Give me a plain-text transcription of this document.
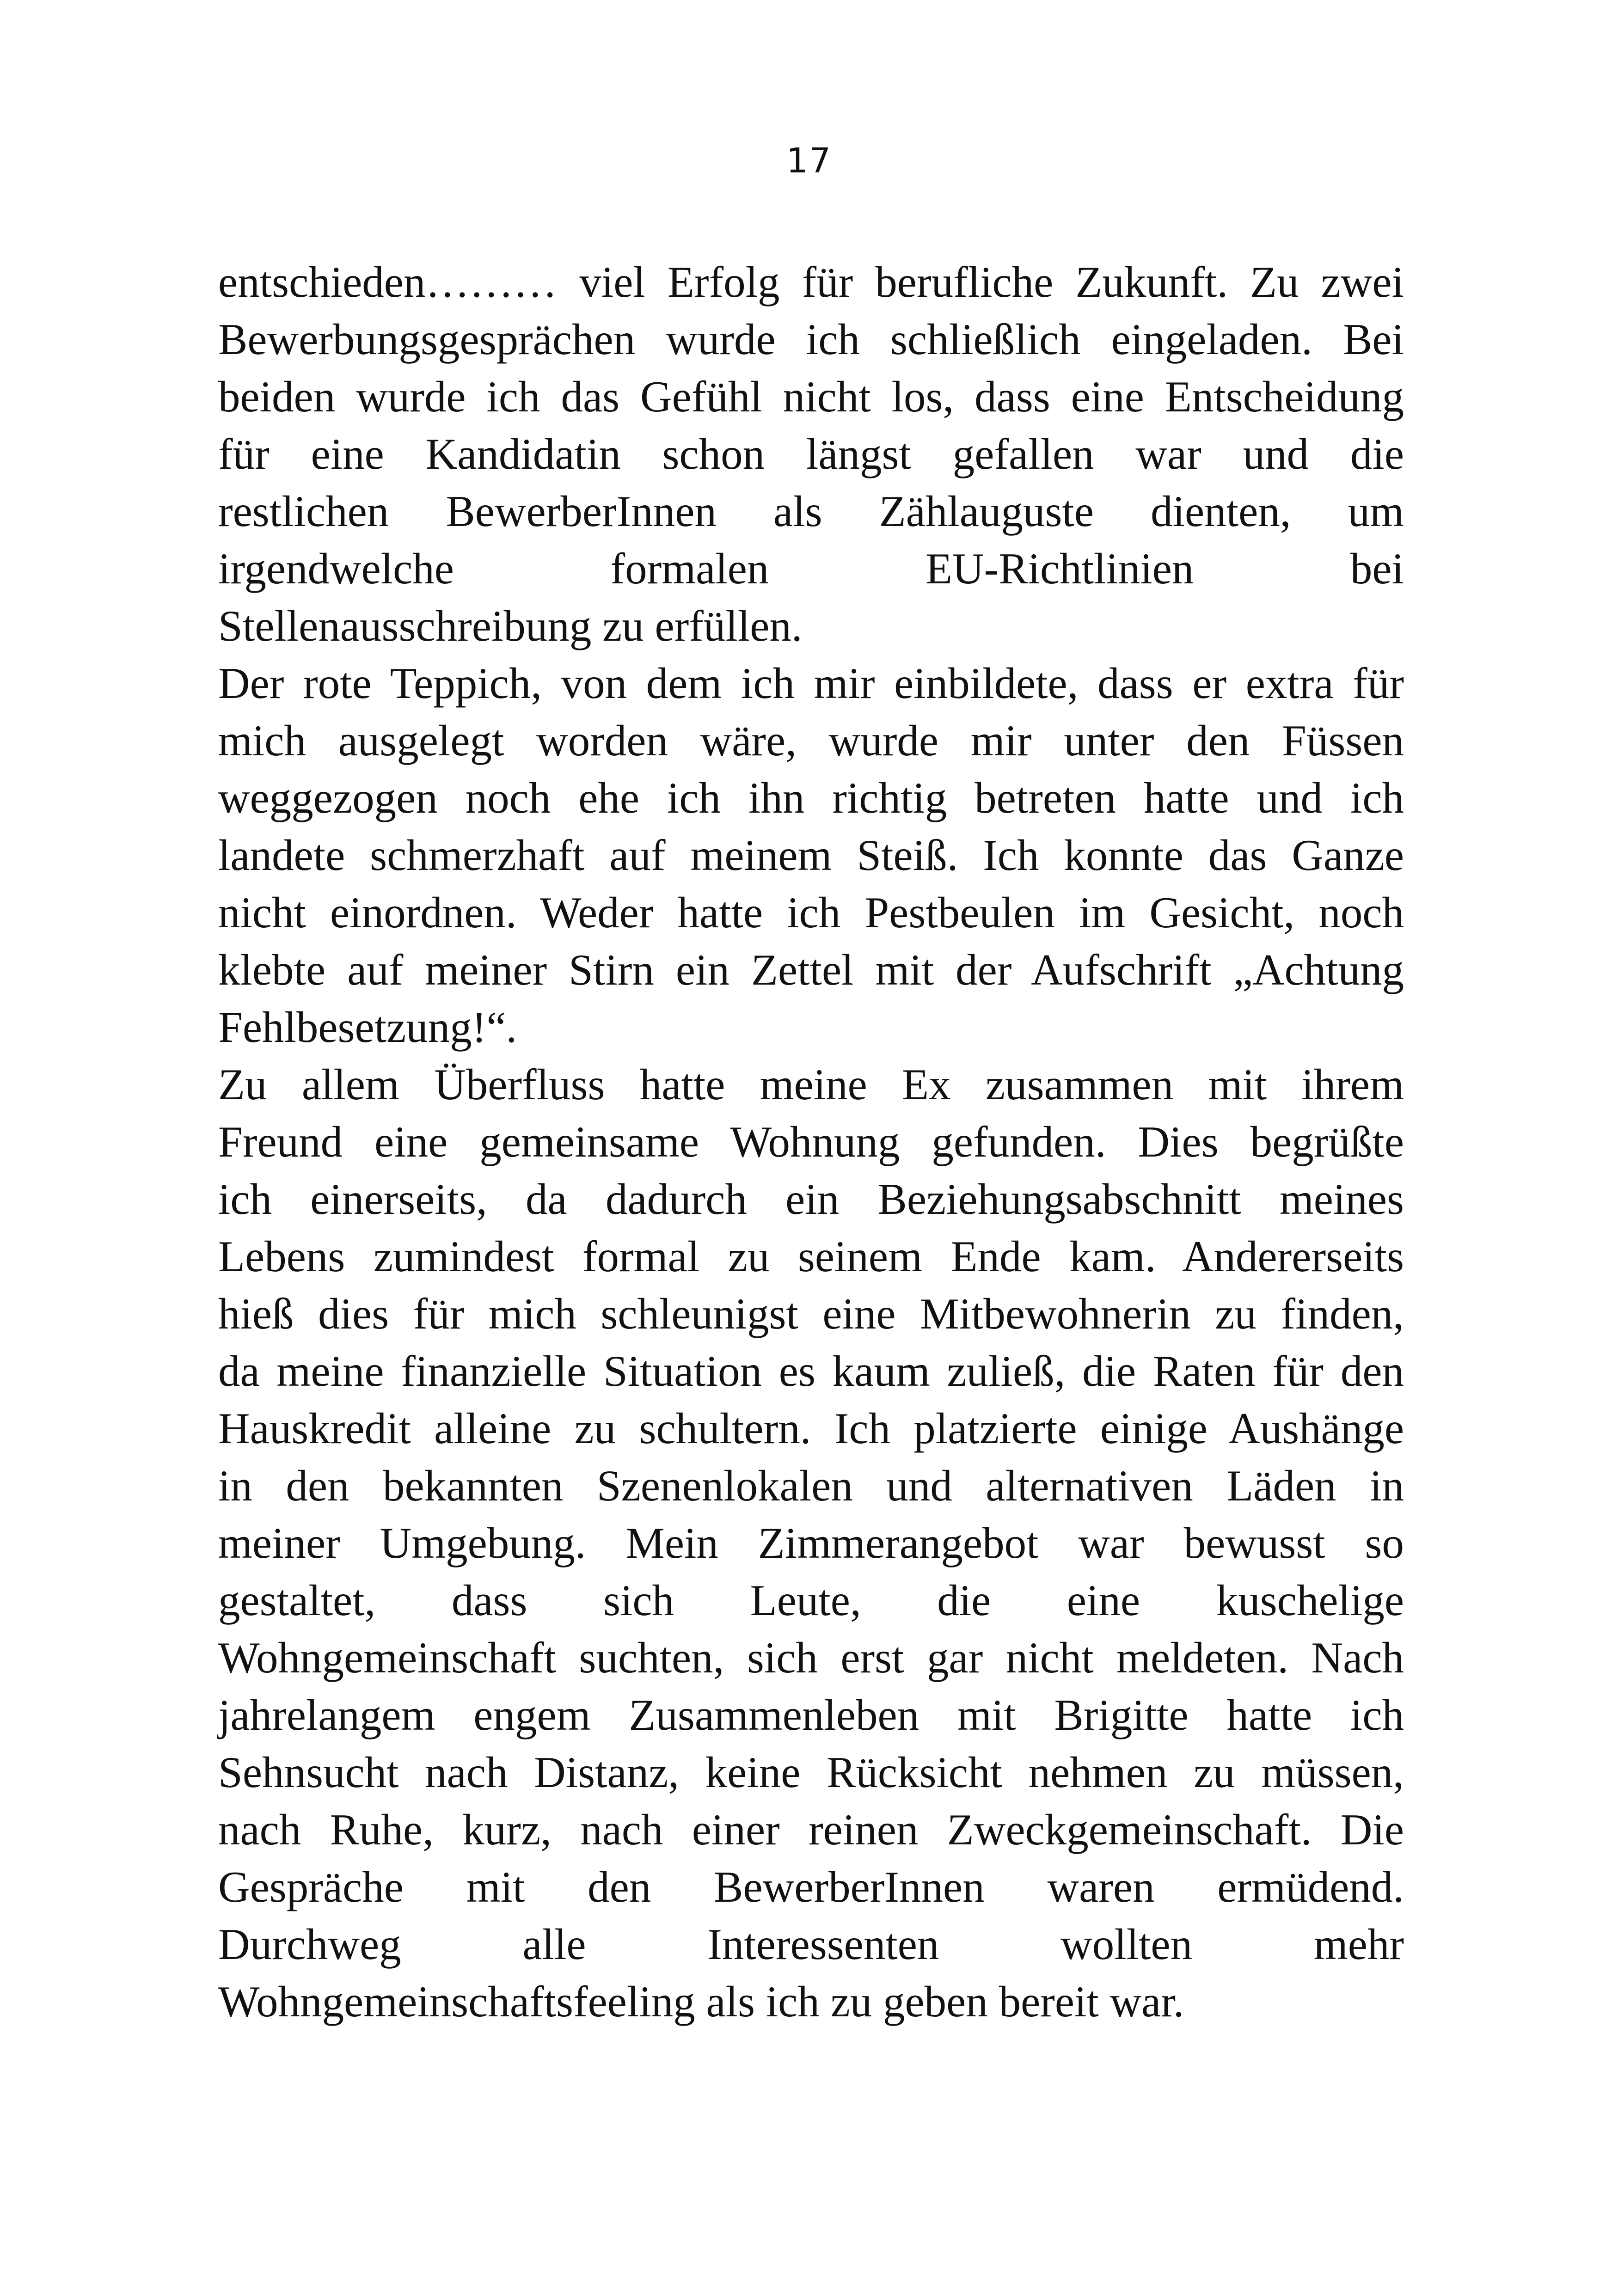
17
entschieden……… viel Erfolg für berufliche Zukunft. Zu zwei
Bewerbungsgesprächen wurde ich schließlich eingeladen. Bei
beiden wurde ich das Gefühl nicht los, dass eine Entscheidung
für eine Kandidatin schon längst gefallen war und die
restlichen BewerberInnen als Zählauguste dienten, um
irgendwelche formalen EU-Richtlinien bei
Stellenausschreibung zu erfüllen.
Der rote Teppich, von dem ich mir einbildete, dass er extra für
mich ausgelegt worden wäre, wurde mir unter den Füssen
weggezogen noch ehe ich ihn richtig betreten hatte und ich
landete schmerzhaft auf meinem Steiß. Ich konnte das Ganze
nicht einordnen. Weder hatte ich Pestbeulen im Gesicht, noch
klebte auf meiner Stirn ein Zettel mit der Aufschrift „Achtung
Fehlbesetzung!“.
Zu allem Überfluss hatte meine Ex zusammen mit ihrem
Freund eine gemeinsame Wohnung gefunden. Dies begrüßte
ich einerseits, da dadurch ein Beziehungsabschnitt meines
Lebens zumindest formal zu seinem Ende kam. Andererseits
hieß dies für mich schleunigst eine Mitbewohnerin zu finden,
da meine finanzielle Situation es kaum zuließ, die Raten für den
Hauskredit alleine zu schultern. Ich platzierte einige Aushänge
in den bekannten Szenenlokalen und alternativen Läden in
meiner Umgebung. Mein Zimmerangebot war bewusst so
gestaltet, dass sich Leute, die eine kuschelige
Wohngemeinschaft suchten, sich erst gar nicht meldeten. Nach
jahrelangem engem Zusammenleben mit Brigitte hatte ich
Sehnsucht nach Distanz, keine Rücksicht nehmen zu müssen,
nach Ruhe, kurz, nach einer reinen Zweckgemeinschaft. Die
Gespräche mit den BewerberInnen waren ermüdend.
Durchweg alle Interessenten wollten mehr
Wohngemeinschaftsfeeling als ich zu geben bereit war.
